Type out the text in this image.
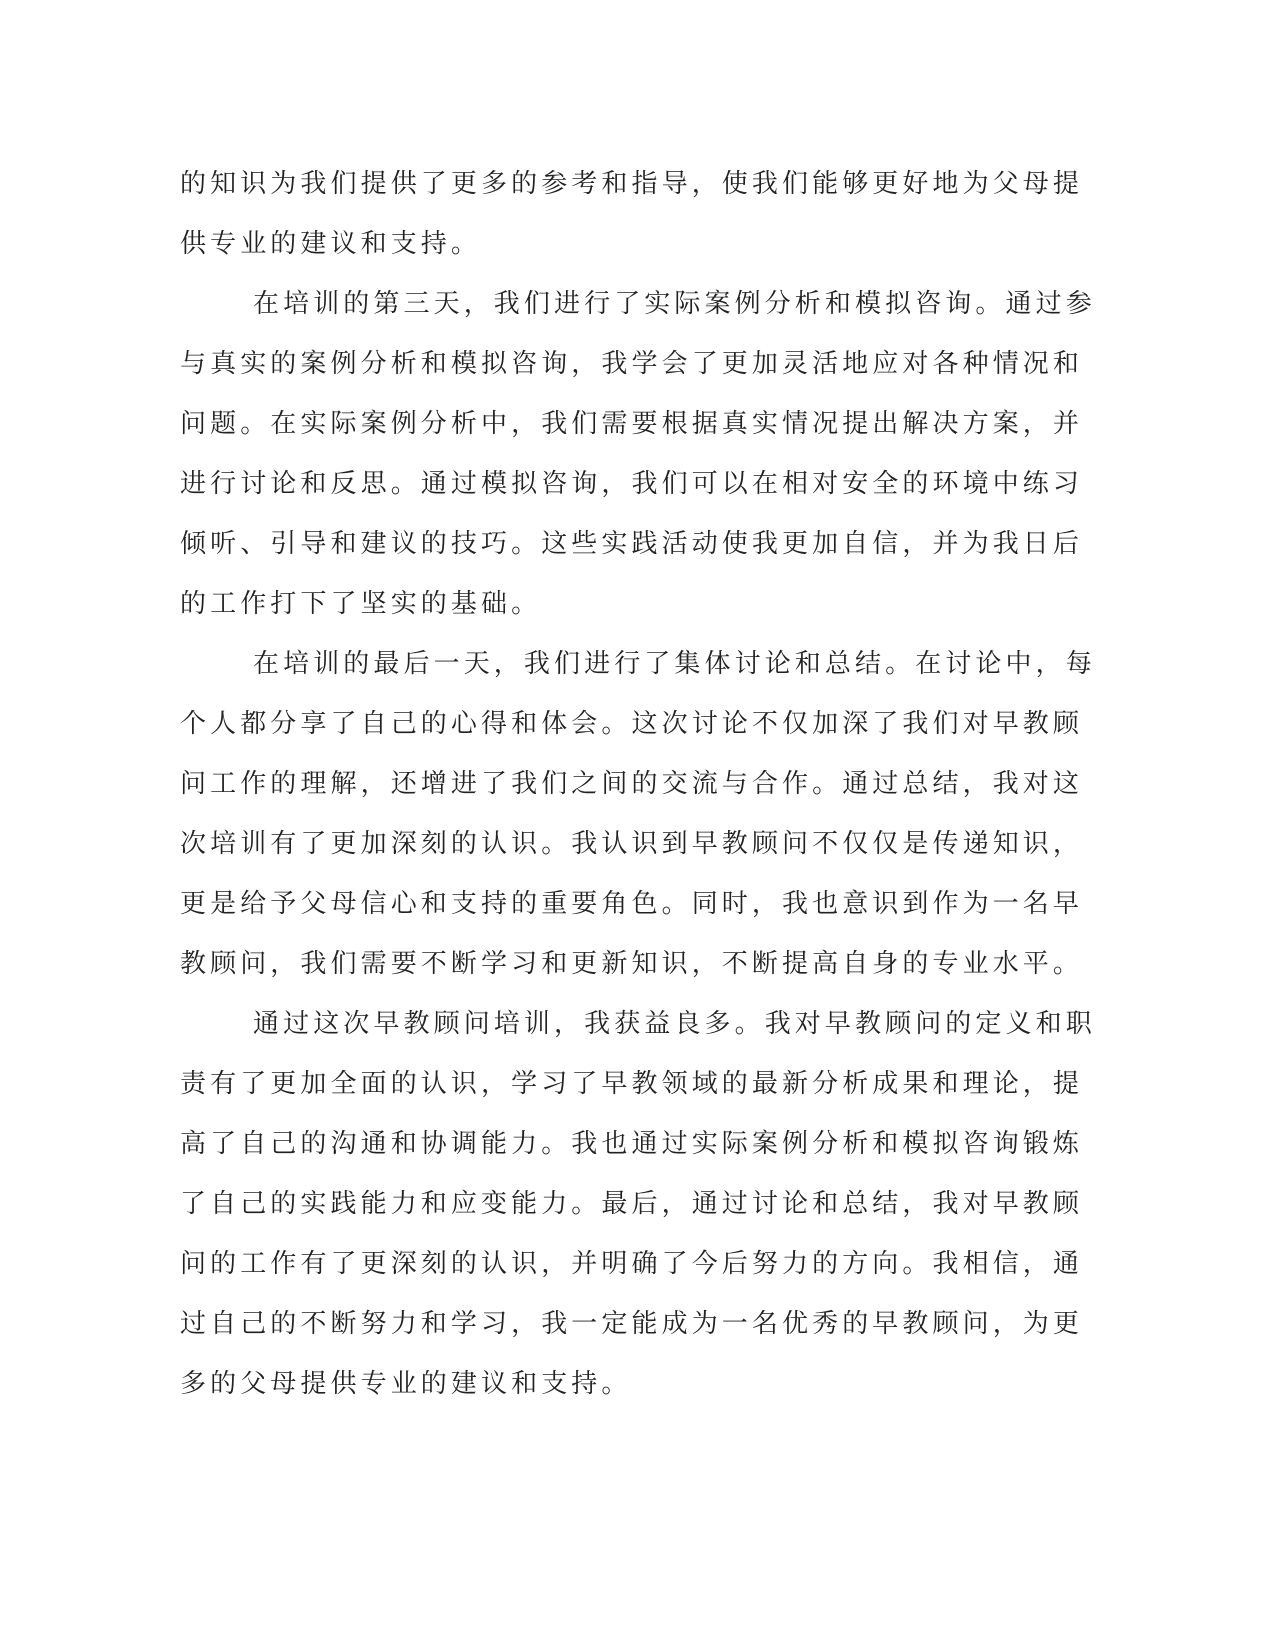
的知识为我们提供了更多的参考和指导，使我们能够更好地为父母提
供专业的建议和支持。
在培训的第三天，我们进行了实际案例分析和模拟咨询。通过参
与真实的案例分析和模拟咨询，我学会了更加灵活地应对各种情况和
问题。在实际案例分析中，我们需要根据真实情况提出解决方案，并
进行讨论和反思。通过模拟咨询，我们可以在相对安全的环境中练习
倾听、引导和建议的技巧。这些实践活动使我更加自信，并为我日后
的工作打下了坚实的基础。
在培训的最后一天，我们进行了集体讨论和总结。在讨论中，每
个人都分享了自己的心得和体会。这次讨论不仅加深了我们对早教顾
问工作的理解，还增进了我们之间的交流与合作。通过总结，我对这
次培训有了更加深刻的认识。我认识到早教顾问不仅仅是传递知识，
更是给予父母信心和支持的重要角色。同时，我也意识到作为一名早
教顾问，我们需要不断学习和更新知识，不断提高自身的专业水平。
通过这次早教顾问培训，我获益良多。我对早教顾问的定义和职
责有了更加全面的认识，学习了早教领域的最新分析成果和理论，提
高了自己的沟通和协调能力。我也通过实际案例分析和模拟咨询锻炼
了自己的实践能力和应变能力。最后，通过讨论和总结，我对早教顾
问的工作有了更深刻的认识，并明确了今后努力的方向。我相信，通
过自己的不断努力和学习，我一定能成为一名优秀的早教顾问，为更
多的父母提供专业的建议和支持。
